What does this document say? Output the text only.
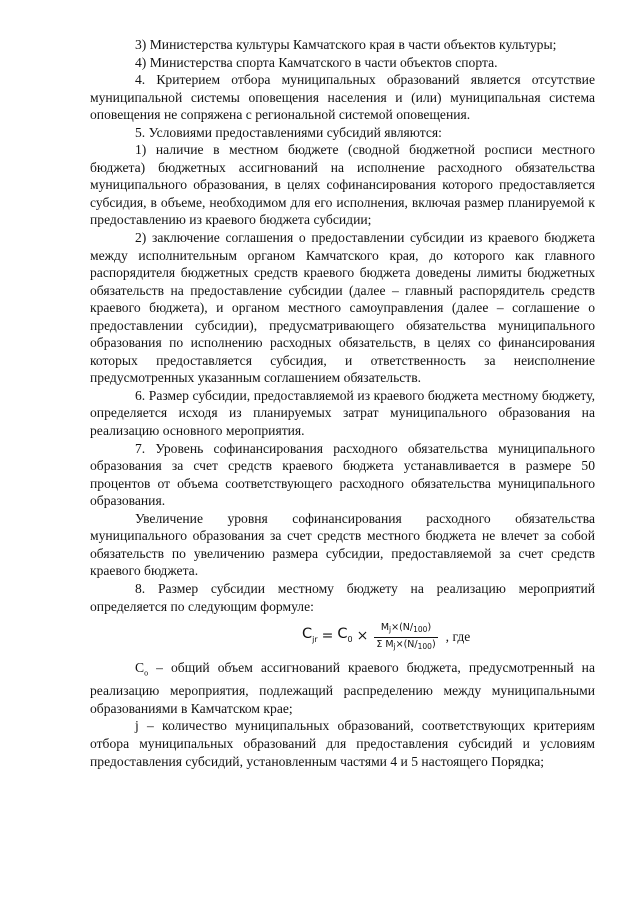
3) Министерства культуры Камчатского края в части объектов культуры;

4) Министерства спорта Камчатского в части объектов спорта.

4. Критерием отбора муниципальных образований является отсутствие муниципальной системы оповещения населения и (или) муниципальная система оповещения не сопряжена с региональной системой оповещения.

5. Условиями предоставлениями субсидий являются:

1) наличие в местном бюджете (сводной бюджетной росписи местного бюджета) бюджетных ассигнований на исполнение расходного обязательства муниципального образования, в целях софинансирования которого предоставляется субсидия, в объеме, необходимом для его исполнения, включая размер планируемой к предоставлению из краевого бюджета субсидии;

2) заключение соглашения о предоставлении субсидии из краевого бюджета между исполнительным органом Камчатского края, до которого как главного распорядителя бюджетных средств краевого бюджета доведены лимиты бюджетных обязательств на предоставление субсидии (далее – главный распорядитель средств краевого бюджета), и органом местного самоуправления (далее – соглашение о предоставлении субсидии), предусматривающего обязательства муниципального образования по исполнению расходных обязательств, в целях со финансирования которых предоставляется субсидия, и ответственность за неисполнение предусмотренных указанным соглашением обязательств.

6. Размер субсидии, предоставляемой из краевого бюджета местному бюджету, определяется исходя из планируемых затрат муниципального образования на реализацию основного мероприятия.

7. Уровень софинансирования расходного обязательства муниципального образования за счет средств краевого бюджета устанавливается в размере 50 процентов от объема соответствующего расходного обязательства муниципального образования.

Увеличение уровня софинансирования расходного обязательства муниципального образования за счет средств местного бюджета не влечет за собой обязательств по увеличению размера субсидии, предоставляемой за счет средств краевого бюджета.

8. Размер субсидии местному бюджету на реализацию мероприятий определяется по следующим формуле:

$C_{jr} = C_0 \times \frac{M_j\times(N/_{100})}{\Sigma M_j\times(N/_{100})}$ , где

$С_о$ – общий объем ассигнований краевого бюджета, предусмотренный на реализацию мероприятия, подлежащий распределению между муниципальными образованиями в Камчатском крае;

j – количество муниципальных образований, соответствующих критериям отбора муниципальных образований для предоставления субсидий и условиям предоставления субсидий, установленным частями 4 и 5 настоящего Порядка;
